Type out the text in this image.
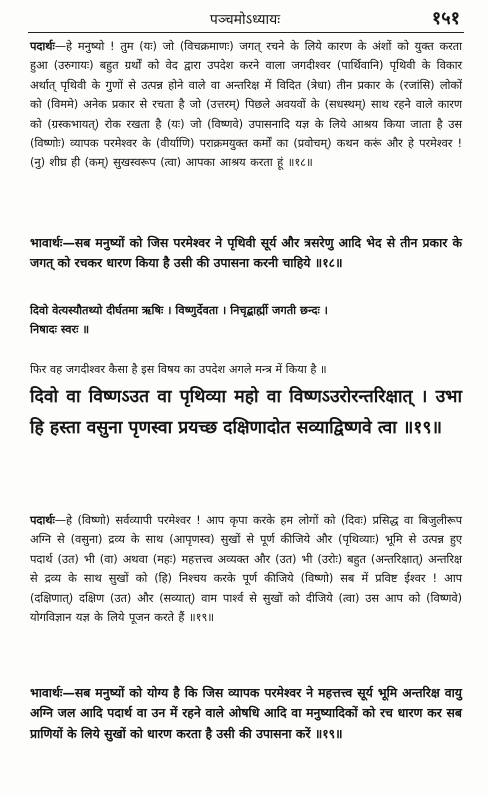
पञ्चमोऽध्यायः	१५१
पदार्थः—हे मनुष्यो ! तुम (यः) जो (विचक्रमाणः) जगत् रचने के लिये कारण के अंशों को युक्त करता हुआ (उरुगायः) बहुत ग्रर्थों को वेद द्वारा उपदेश करने वाला जगदीश्वर (पार्थिवानि) पृथिवी के विकार अर्थात् पृथिवी के गुणों से उत्पन्न होने वाले वा अन्तरिक्ष में विदित (त्रेधा) तीन प्रकार के (रजांसि) लोकों को (विममे) अनेक प्रकार से रचता है जो (उत्तरम्) पिछले अवयवों के (सधस्थम्) साथ रहने वाले कारण को (ग्रस्कभायत्) रोक रखता है (यः) जो (विष्णवे) उपासनादि यज्ञ के लिये आश्रय किया जाता है उस (विष्णोः) व्यापक परमेश्वर के (वीर्याणि) पराक्रमयुक्त कर्मों का (प्रवोचम्) कथन करूं और हे परमेश्वर ! (नु) शीघ्र ही (कम्) सुखस्वरूप (त्वा) आपका आश्रय करता हूं ॥१८॥
भावार्थः—सब मनुष्यों को जिस परमेश्वर ने पृथिवी सूर्य और त्रसरेणु आदि भेद से तीन प्रकार के जगत् को रचकर धारण किया है उसी की उपासना करनी चाहिये ॥१८॥
दिवो वेत्यस्यौतथ्यो दीर्घतमा ऋषिः । विष्णुर्देवता । निचृद्बार्ह्मी जगती छन्दः ।
निषादः स्वरः ॥
फिर वह जगदीश्वर कैसा है इस विषय का उपदेश अगले मन्त्र में किया है ॥
दिवो वा विष्णऽउत वा पृथिव्या महो वा विष्णऽउरोरन्तरिक्षात् । उभा हि हस्ता वसुना पृणस्वा प्रयच्छ दक्षिणादोत सव्याद्विष्णवे त्वा ॥१९॥
पदार्थः—हे (विष्णो) सर्वव्यापी परमेश्वर ! आप कृपा करके हम लोगों को (दिवः) प्रसिद्ध वा बिजुलीरूप अग्नि से (वसुना) द्रव्य के साथ (आपृणस्व) सुखों से पूर्ण कीजिये और (पृथिव्याः) भूमि से उत्पन्न हुए पदार्थ (उत) भी (वा) अथवा (महः) महत्तत्त्व अव्यक्त और (उत) भी (उरोः) बहुत (अन्तरिक्षात्) अन्तरिक्ष से द्रव्य के साथ सुखों को (हि) निश्चय करके पूर्ण कीजिये (विष्णो) सब में प्रविष्ट ईश्वर ! आप (दक्षिणात्) दक्षिण (उत) और (सव्यात्) वाम पार्श्व से सुखों को दीजिये (त्वा) उस आप को (विष्णवे) योगविज्ञान यज्ञ के लिये पूजन करते हैं ॥१९॥
भावार्थः—सब मनुष्यों को योग्य है कि जिस व्यापक परमेश्वर ने महत्तत्त्व सूर्य भूमि अन्तरिक्ष वायु अग्नि जल आदि पदार्थ वा उन में रहने वाले ओषधि आदि वा मनुष्यादिकों को रच धारण कर सब प्राणियों के लिये सुखों को धारण करता है उसी की उपासना करें ॥१९॥
